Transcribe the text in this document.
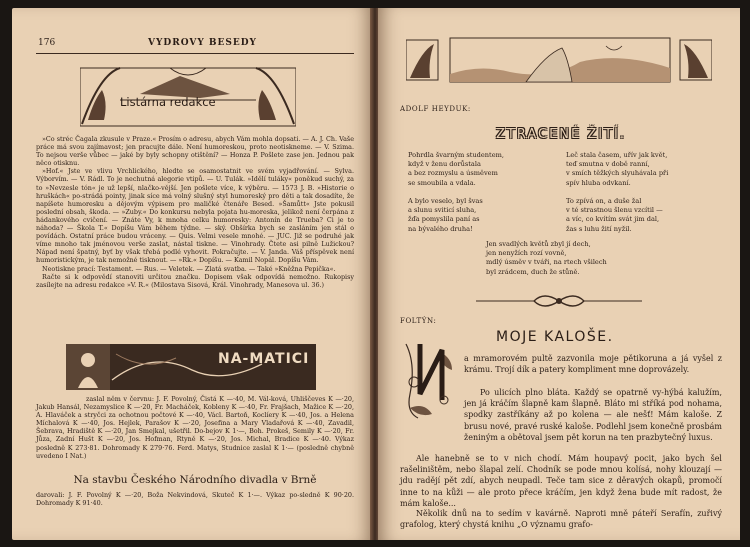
176	VYDROVY BESEDY
Listárna redakce

»Co stréc Čagala zkusule v Praze.« Prosím o adresu, abych Vám mohla dopsati. — A. J. Ch. Vaše práce má svou zajímavost; jen pracujte dále. Není humoreskou, proto neotiskneme. — V. Szima. To nejsou verše vůbec — jaké by byly schopny otištění? — Honza P. Pošlete zase jen. Jednou pak něco otisknu.

»Hof.« Jste ve vlivu Vrchlického, hledte se osamostatnit ve svém vyjadřování. — Sylva. Výborvím. — V. Rádl. To je nechutná alegorie vtipů. — U. Tulák. »Idělí tuláky« poněkud suchý, za to »Nevzesle tón« je už lepší, nlačko-vější. Jen pošlete více, k výběru. — 1573 J. B. »Historie o hruškách« po-strádá pointy, jinak síce má volný slušný styl humoreský pro děti a tak dosadíte, že napíšete humoresku a dějovým výpisem pro maličké čtenáře Besed. »Šamůtt« Jste pokusil poslední obsah, škoda. — »Zuby.« Do konkursu nebyla pojata hu-moreska, jelikož není čerpána z hádankového cvičení. — Znáte Vy, k mnoha celku humoresky: Antonín de Trueba? Ci je to náhoda? — Škola T.« Dopíšu Vám během týdne. — ský. Obšírka bych se zasláním jen stál o povídách. Ostatní práce budou vráceny. — Quis. Velmi vesele mnohé. — JUC. Již se podruhé jak víme mnoho tak jménovou verše zaslat, nástal tiskne. — Vinohrady. Čtete asi pilně Lužickou? Nápad není špatný, byť by však třebá podlé vyhovit. Pokračujte. — V. Janda. Váš příspěvek není humoristickým, je tak nemožné tisknout. — »Rk.« Dopíšu. — Kamil Nopál. Dopíšu Vám.

Neotiskne prací: Testament. — Rus. — Veletek. — Zlatá svatba. — Také »Kněžna Pepička«.

Račte si k odpovědí stanoviti určitou značku. Dopisem však odpovídá nemožno. Rukopisy zasílejte na adresu redakce »V. R.« (Milostava Sisová, Král. Vinohrady, Manesova ul. 36.)

NA-MATICI
zaslal něm v červnu: J. F. Povolný, Čistá K —·40, M. Vál-ková, Uhliščeves K —·20, Jakub Hansál, Nezamyslice K —·20, Fr. Macháček, Kobleny K —·40, Fr. Frajšach, Mažice K —·20, A. Hlaváček a stryčci za ochotnou počtové K —·40, Václ. Bartoň, Koclíery K —·40, Jos. a Helena Míchalová K —·40, Jos. Hejlek, Parašov K —·20, Josefina a Mary Vladařová K —·40, Zavadil, Šebrava, Hradiště K —·20, Jan Smejkal, ušetřil. Do-bejov K 1·—, Boh. Prokeš, Semily K —·20, Fr. Jůza, Zadní Hušt K —·20, Jos. Hofman, Rtyně K —·20, Jos. Michal, Bradice K —·40. Výkaz posledně K 273·81. Dohromady K 279·76. Ferd. Matys, Studnice zaslal K 1·— (posledně chybně uvedeno I Nat.)
Na stavbu Českého Národního divadla v Brně
darovali: J. F. Povolný K —·20, Boža Nekvindová, Skuteč K 1·—. Výkaz po-sledně K 90·20. Dohromady K 91·40.
ADOLF HEYDUK:
ZTRACENÉ ŽITÍ.
Pohrdla švarným studentem,
když v ženu dorůstala
a bez rozmyslu a úsměvem
se smoubila a vdala.
A bylo veselo, byl švas
a slunu sviticí sluha,
žďa pomyslila paní as
na bývalého druha!
Leč stala časem, uřív jak květ,
teď smutna v době ranní,
v smích těžkých slyuhávala při
spív hluba odvkaní.
To zpívá on, a duše žal
v té strastnou šlenu vzcítil —
a víc, co kvítím svát jim dal,
žas s luhu žití nyžil.
Jen svadlých květů zbyl jí dech,
jen nenyžích rozí vovně,
mdlý úsměv v tváři, na rtech všilech
byl zrádcem, duch že stůně.
FOLTÝN:
MOJE KALOŠE.
a mramorovém pultě zazvonila moje pětikoruna a já vyšel z krámu. Trojí dík a patery kompliment mne doprovázely.
Po ulicích plno bláta. Každý se opatrně vy-hýbá kalužím, jen já kráčím šlapně kam šlapně. Bláto mi stříká pod nohama, spodky zastříkány až po kolena — ale nešť! Mám kaloše. Z brusu nové, pravé ruské kaloše. Podlehl jsem konečně prosbám ženiným a obětoval jsem pět korun na ten prazbytečný luxus.
Ale hanebně se to v nich chodí. Mám houpavý pocit, jako bych šel rašeliništěm, nebo šlapal zelí. Chodník se pode mnou kolísá, nohy klouzají — jdu radějí pět zdí, abych neupadl. Teče tam sice z děravých okapů, promočí inne to na kůži — ale proto přece kráčím, jen když žena bude mít radost, že mám kaloše...
Několik dnů na to sedím v kavárně. Naproti mně páteří Serafín, zuřivý grafolog, který chystá knihu „O významu grafo-
